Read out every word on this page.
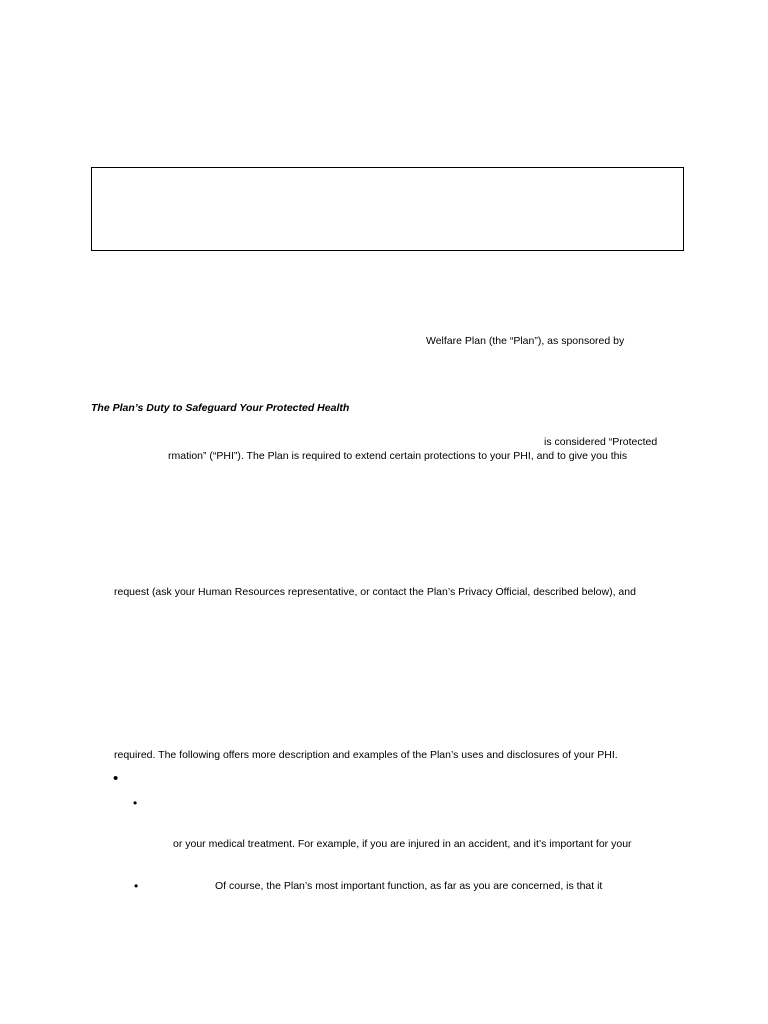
Welfare Plan (the “Plan”), as sponsored by
The Plan’s Duty to Safeguard Your Protected Health
is considered “Protected
rmation” (“PHI”). The Plan is required to extend certain protections to your PHI, and to give you this
request (ask your Human Resources representative, or contact the Plan’s Privacy Official, described below), and
required. The following offers more description and examples of the Plan’s uses and disclosures of your PHI.
•
•
or your medical treatment. For example, if you are injured in an accident, and it’s important for your
•	Of course, the Plan’s most important function, as far as you are concerned, is that it
